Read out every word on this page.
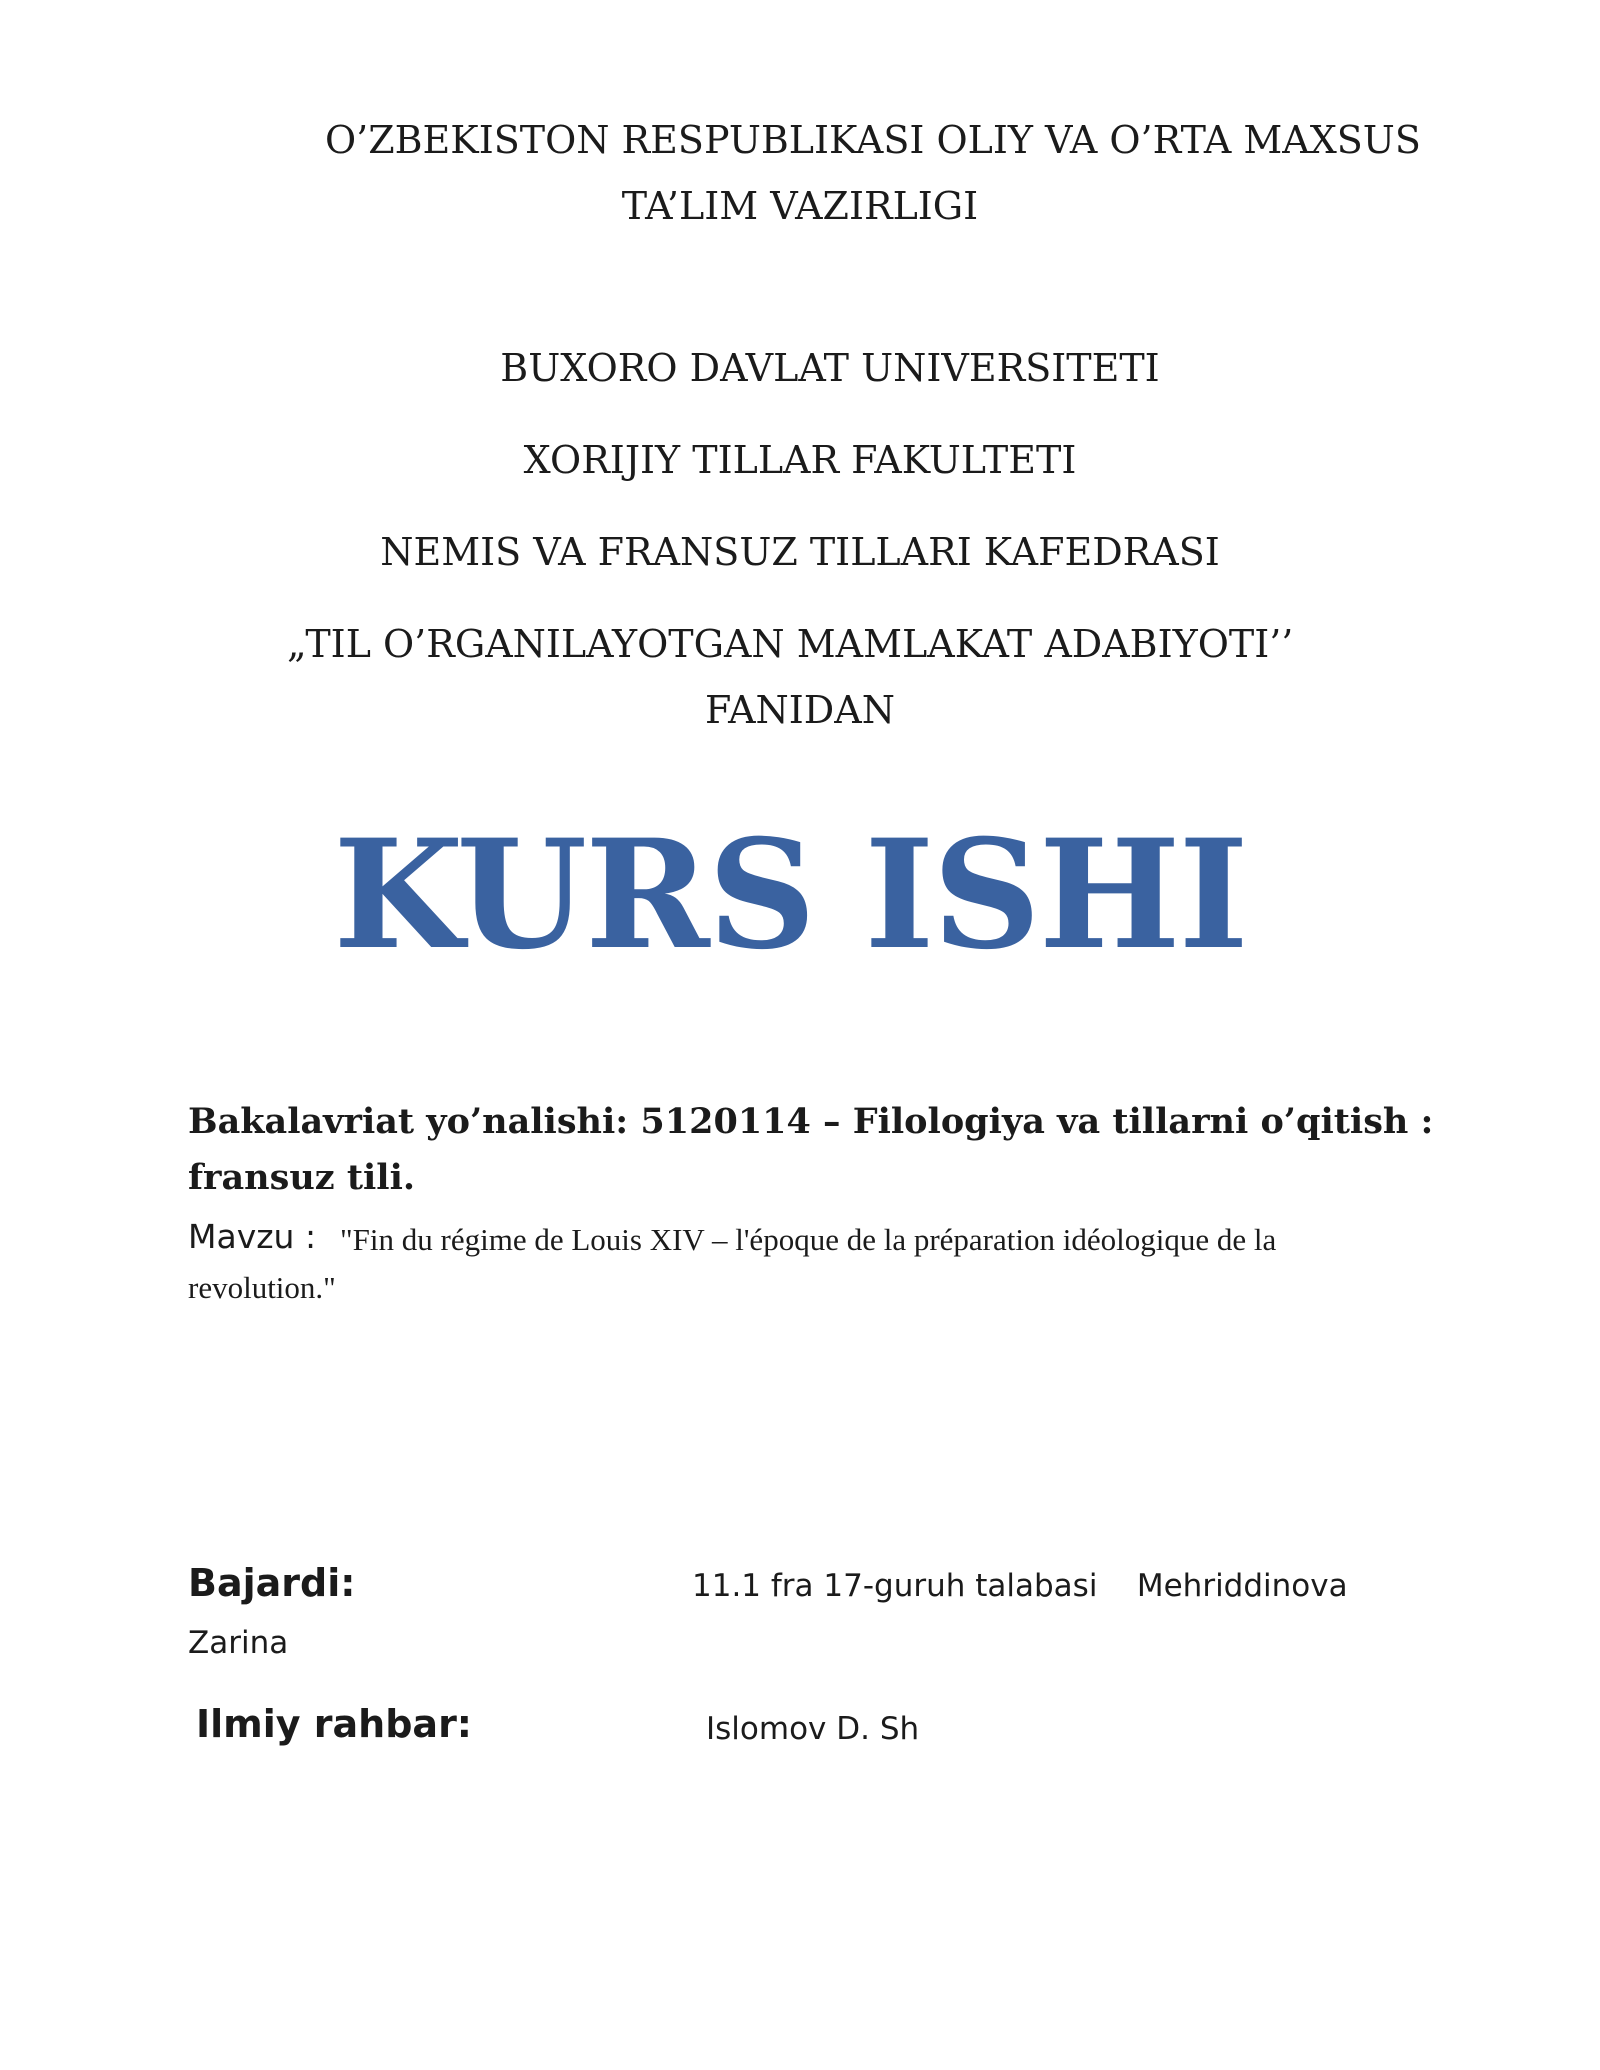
O’ZBEKISTON RESPUBLIKASI OLIY VA O’RTA MAXSUS
TA’LIM VAZIRLIGI
BUXORO DAVLAT UNIVERSITETI
XORIJIY TILLAR FAKULTETI
NEMIS VA FRANSUZ TILLARI KAFEDRASI
„TIL O’RGANILAYOTGAN MAMLAKAT ADABIYOTI’’
FANIDAN
KURS ISHI
Bakalavriat yo’nalishi: 5120114 – Filologiya va tillarni o’qitish :
fransuz tili.
Mavzu : "Fin du régime de Louis XIV – l'époque de la préparation idéologique de la
revolution."
Bajardi:	11.1 fra 17-guruh talabasi    Mehriddinova
Zarina
Ilmiy rahbar:	Islomov D. Sh
